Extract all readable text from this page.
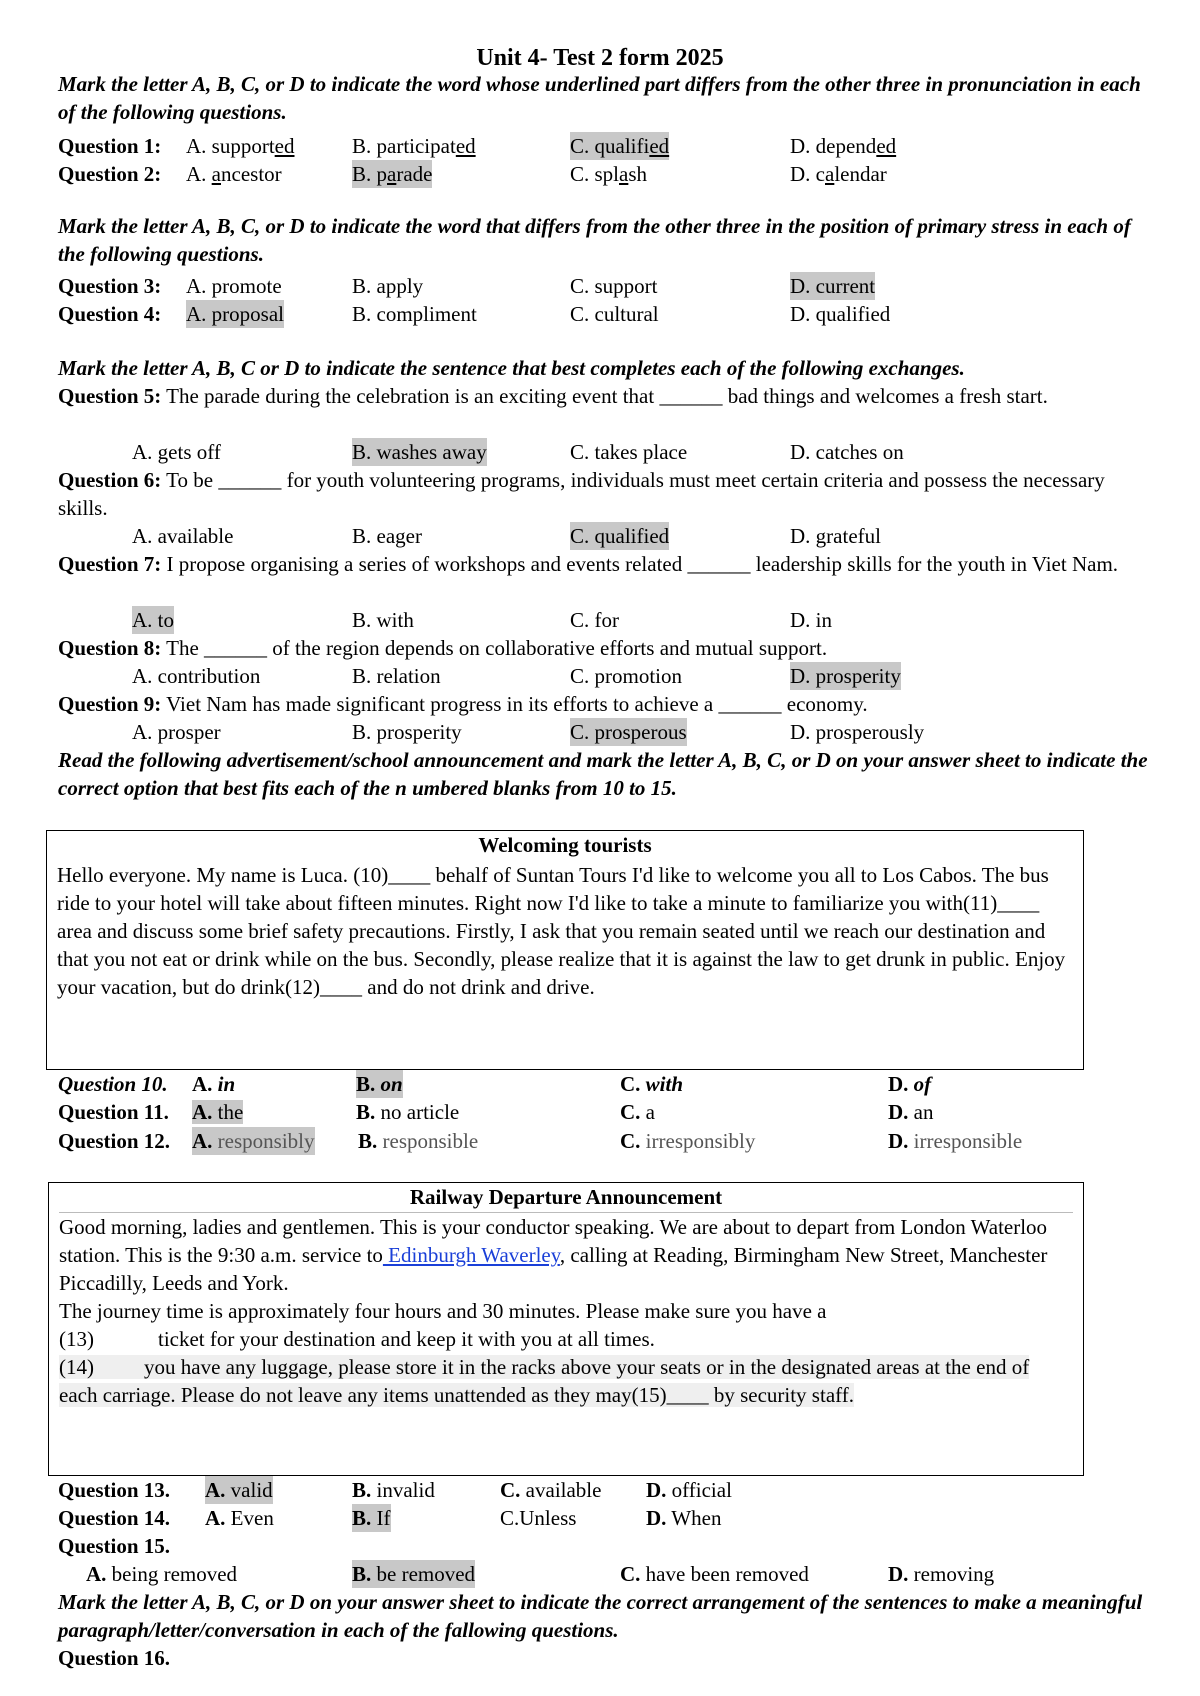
Unit 4- Test 2 form 2025
Mark the letter A, B, C, or D to indicate the word whose underlined part differs from the other three in pronunciation in each of the following questions.
Question 1: A. supported	B. participated	C. qualified	D. depended
Question 2: A. ancestor	B. parade	C. splash	D. calendar
Mark the letter A, B, C, or D to indicate the word that differs from the other three in the position of primary stress in each of the following questions.
Question 3: A. promote	B. apply	C. support	D. current
Question 4: A. proposal	B. compliment	C. cultural	D. qualified
Mark the letter A, B, C or D to indicate the sentence that best completes each of the following exchanges.
Question 5: The parade during the celebration is an exciting event that ______ bad things and welcomes a fresh start.
A. gets off	B. washes away	C. takes place	D. catches on
Question 6: To be ______ for youth volunteering programs, individuals must meet certain criteria and possess the necessary skills.
A. available	B. eager	C. qualified	D. grateful
Question 7: I propose organising a series of workshops and events related ______ leadership skills for the youth in Viet Nam.
A. to	B. with	C. for	D. in
Question 8: The ______ of the region depends on collaborative efforts and mutual support.
A. contribution	B. relation	C. promotion	D. prosperity
Question 9: Viet Nam has made significant progress in its efforts to achieve a ______ economy.
A. prosper	B. prosperity	C. prosperous	D. prosperously
Read the following advertisement/school announcement and mark the letter A, B, C, or D on your answer sheet to indicate the correct option that best fits each of the n umbered blanks from 10 to 15.
Welcoming tourists
Hello everyone. My name is Luca. (10)____ behalf of Suntan Tours I'd like to welcome you all to Los Cabos. The bus ride to your hotel will take about fifteen minutes. Right now I'd like to take a minute to familiarize you with(11)____ area and discuss some brief safety precautions. Firstly, I ask that you remain seated until we reach our destination and that you not eat or drink while on the bus. Secondly, please realize that it is against the law to get drunk in public. Enjoy your vacation, but do drink(12)____ and do not drink and drive.
Question 10. A. in	B. on	C. with	D. of
Question 11. A. the	B. no article	C. a	D. an
Question 12. A. responsibly B. responsible	C. irresponsibly	D. irresponsible
Railway Departure Announcement
Good morning, ladies and gentlemen. This is your conductor speaking. We are about to depart from London Waterloo station. This is the 9:30 a.m. service to Edinburgh Waverley, calling at Reading, Birmingham New Street, Manchester Piccadilly, Leeds and York.
The journey time is approximately four hours and 30 minutes. Please make sure you have a
(13)	ticket for your destination and keep it with you at all times.
(14) you have any luggage, please store it in the racks above your seats or in the designated areas at the end of each carriage. Please do not leave any items unattended as they may(15)____ by security staff.
Question 13. A. valid	B. invalid	C. available D. official
Question 14. A. Even	B. If	C.Unless	D. When
Question 15.
A. being removed	B. be removed	C. have been removed	D. removing
Mark the letter A, B, C, or D on your answer sheet to indicate the correct arrangement of the sentences to make a meaningful paragraph/letter/conversation in each of the fallowing questions.
Question 16.
